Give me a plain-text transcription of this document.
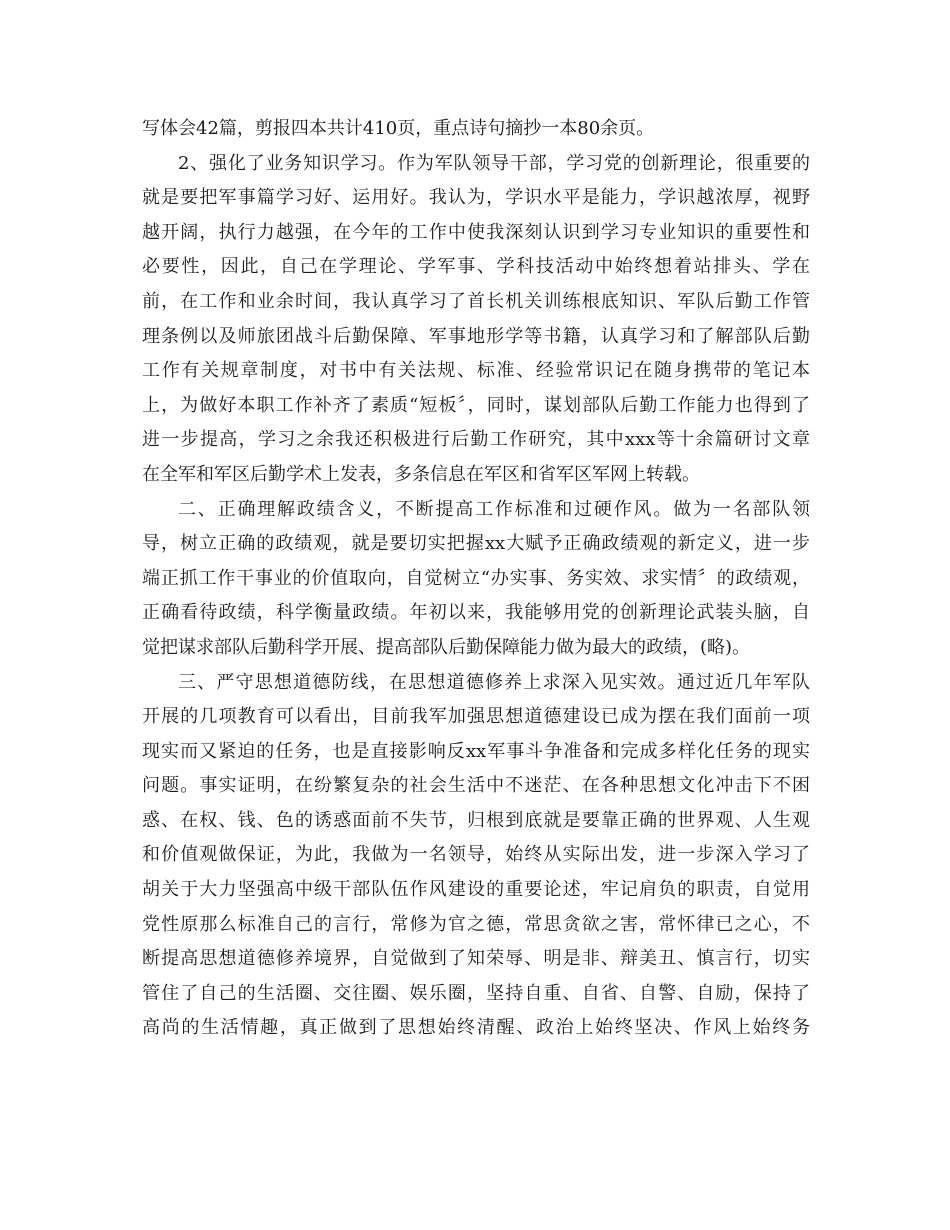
写体会42篇，剪报四本共计410页，重点诗句摘抄一本80余页。
2、强化了业务知识学习。作为军队领导干部，学习党的创新理论，很重要的
就是要把军事篇学习好、运用好。我认为，学识水平是能力，学识越浓厚，视野
越开阔，执行力越强，在今年的工作中使我深刻认识到学习专业知识的重要性和
必要性，因此，自己在学理论、学军事、学科技活动中始终想着站排头、学在
前，在工作和业余时间，我认真学习了首长机关训练根底知识、军队后勤工作管
理条例以及师旅团战斗后勤保障、军事地形学等书籍，认真学习和了解部队后勤
工作有关规章制度，对书中有关法规、标准、经验常识记在随身携带的笔记本
上，为做好本职工作补齐了素质“短板〞，同时，谋划部队后勤工作能力也得到了
进一步提高，学习之余我还积极进行后勤工作研究，其中xxx等十余篇研讨文章
在全军和军区后勤学术上发表，多条信息在军区和省军区军网上转载。
二、正确理解政绩含义，不断提高工作标准和过硬作风。做为一名部队领
导，树立正确的政绩观，就是要切实把握xx大赋予正确政绩观的新定义，进一步
端正抓工作干事业的价值取向，自觉树立“办实事、务实效、求实情〞的政绩观，
正确看待政绩，科学衡量政绩。年初以来，我能够用党的创新理论武装头脑，自
觉把谋求部队后勤科学开展、提高部队后勤保障能力做为最大的政绩，(略)。
三、严守思想道德防线，在思想道德修养上求深入见实效。通过近几年军队
开展的几项教育可以看出，目前我军加强思想道德建设已成为摆在我们面前一项
现实而又紧迫的任务，也是直接影响反xx军事斗争准备和完成多样化任务的现实
问题。事实证明，在纷繁复杂的社会生活中不迷茫、在各种思想文化冲击下不困
惑、在权、钱、色的诱惑面前不失节，归根到底就是要靠正确的世界观、人生观
和价值观做保证，为此，我做为一名领导，始终从实际出发，进一步深入学习了
胡关于大力坚强高中级干部队伍作风建设的重要论述，牢记肩负的职责，自觉用
党性原那么标准自己的言行，常修为官之德，常思贪欲之害，常怀律已之心，不
断提高思想道德修养境界，自觉做到了知荣辱、明是非、辩美丑、慎言行，切实
管住了自己的生活圈、交往圈、娱乐圈，坚持自重、自省、自警、自励，保持了
高尚的生活情趣，真正做到了思想始终清醒、政治上始终坚决、作风上始终务
